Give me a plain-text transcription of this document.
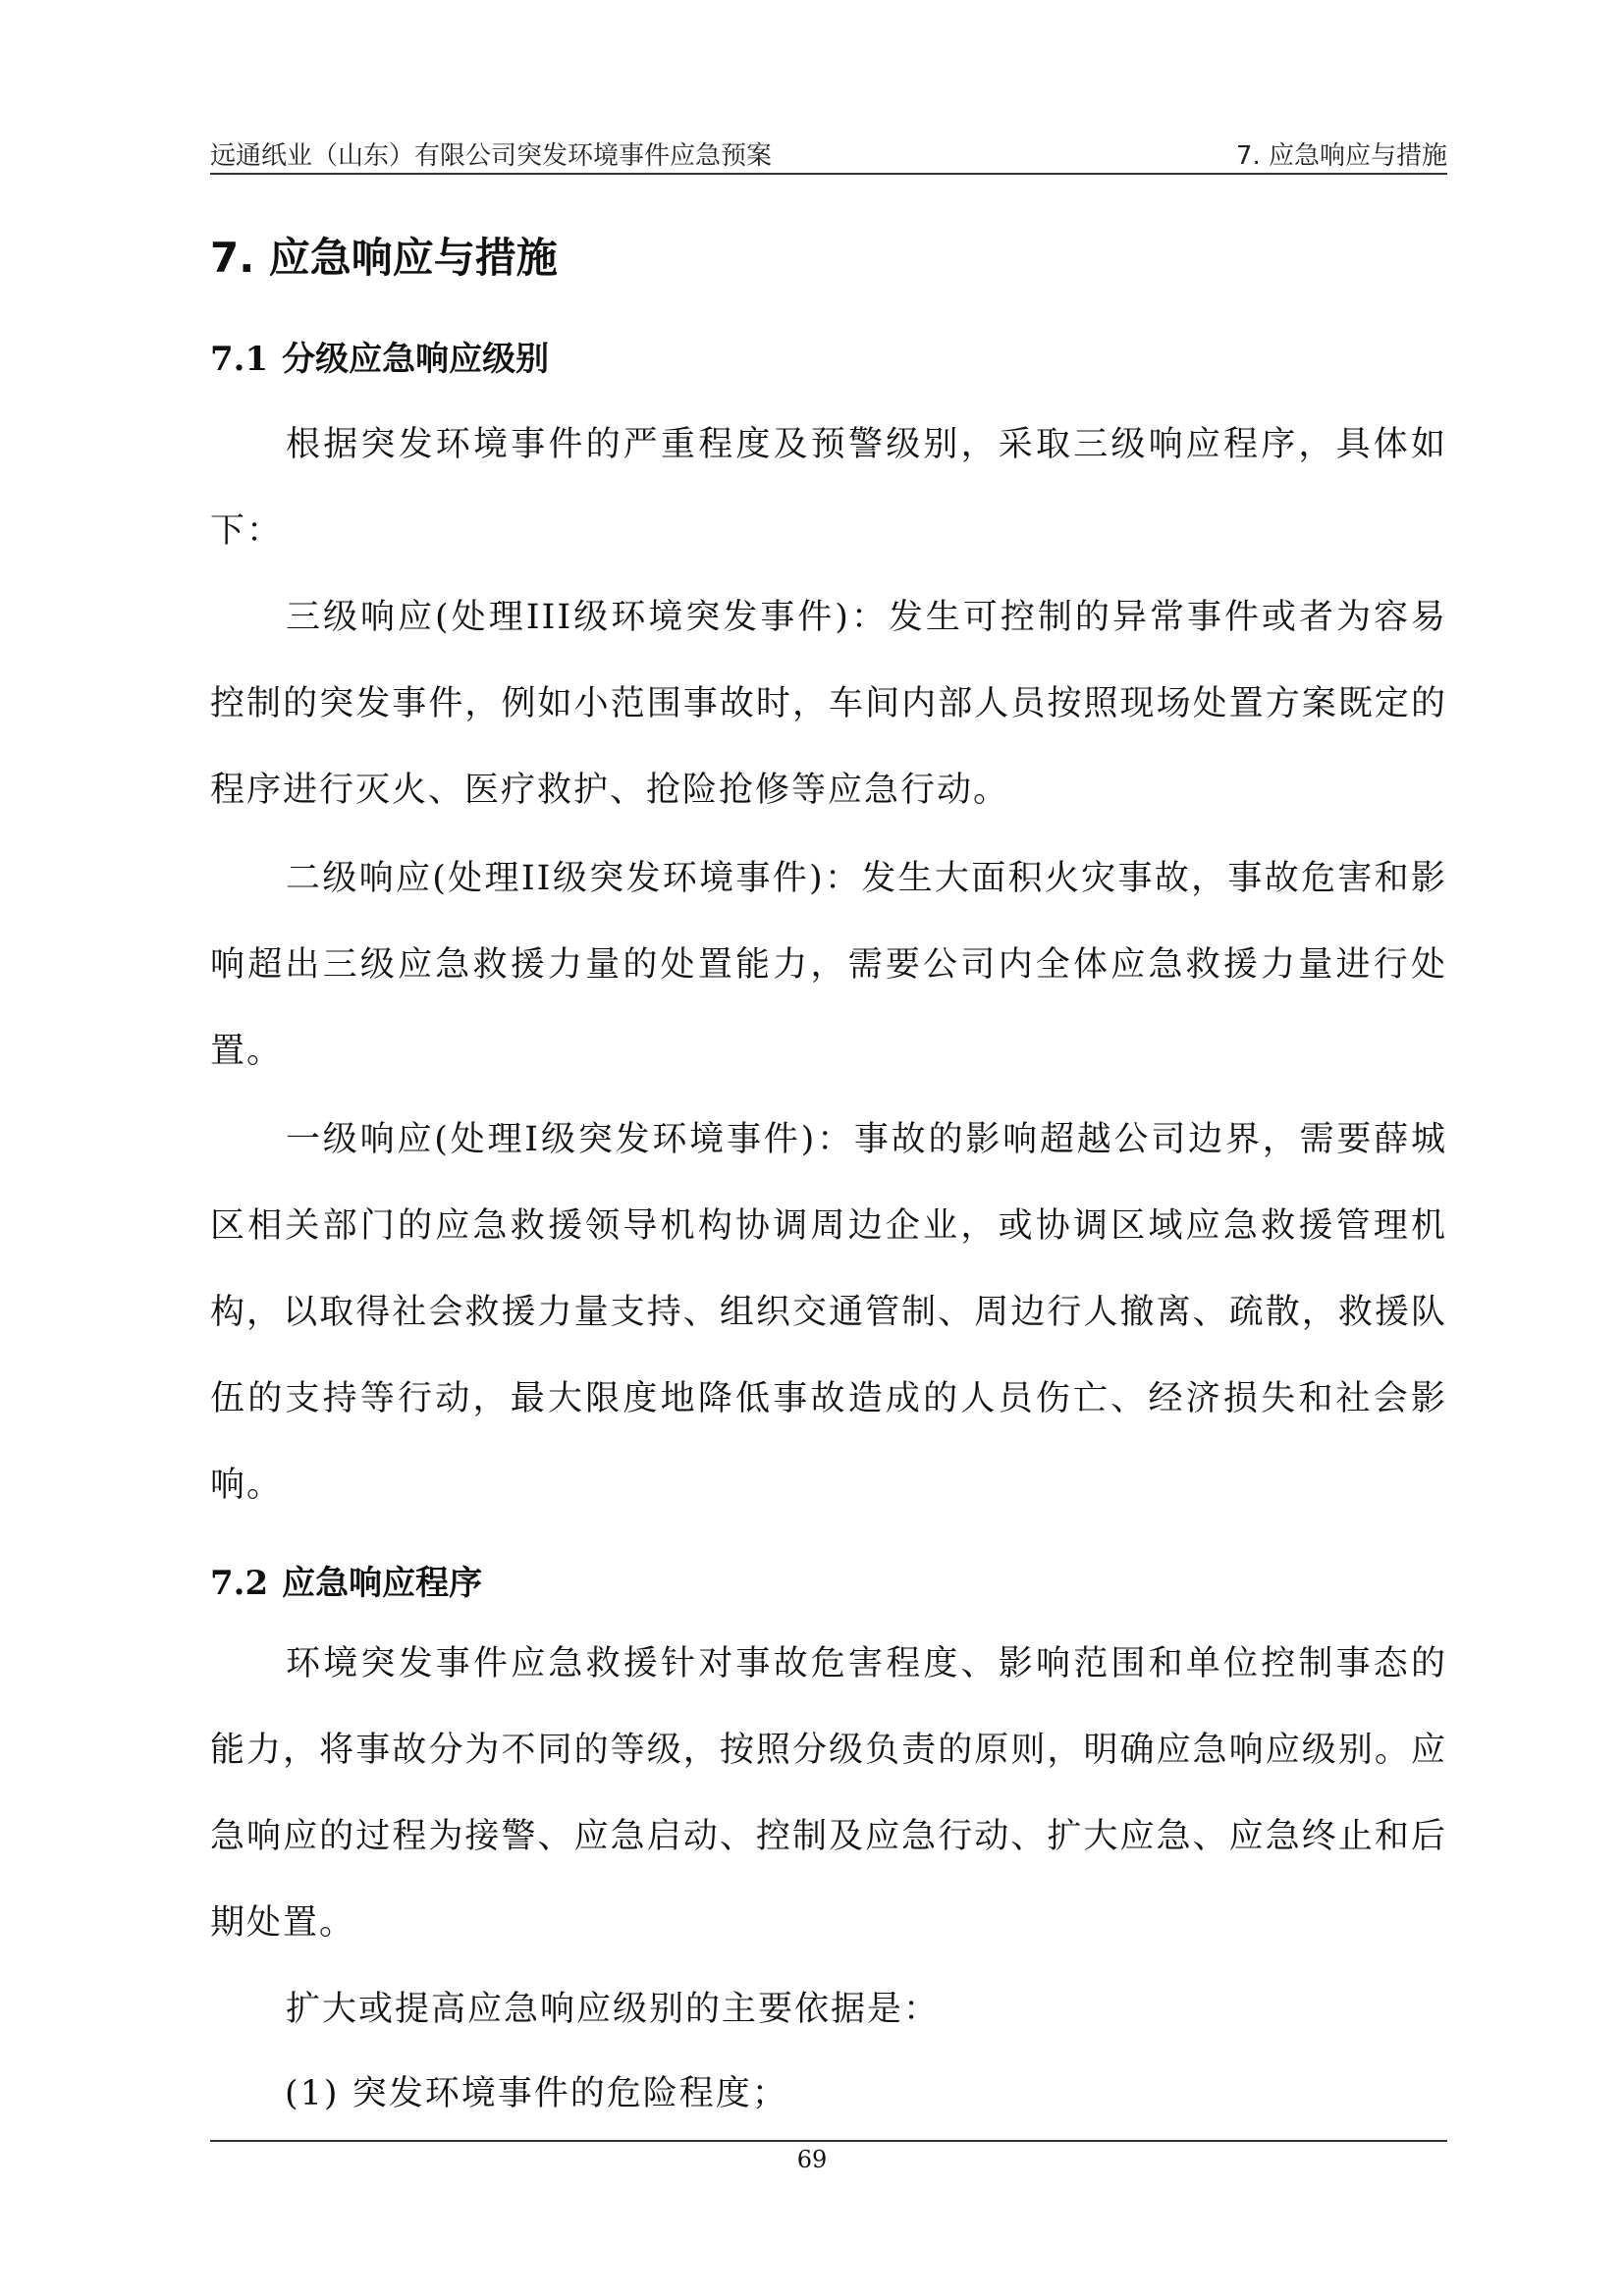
远通纸业（山东）有限公司突发环境事件应急预案	7. 应急响应与措施
7. 应急响应与措施
7.1 分级应急响应级别

根据突发环境事件的严重程度及预警级别，采取三级响应程序，具体如下：

三级响应(处理III级环境突发事件)：发生可控制的异常事件或者为容易控制的突发事件，例如小范围事故时，车间内部人员按照现场处置方案既定的程序进行灭火、医疗救护、抢险抢修等应急行动。

二级响应(处理II级突发环境事件)：发生大面积火灾事故，事故危害和影响超出三级应急救援力量的处置能力，需要公司内全体应急救援力量进行处置。

一级响应(处理I级突发环境事件)：事故的影响超越公司边界，需要薛城区相关部门的应急救援领导机构协调周边企业，或协调区域应急救援管理机构，以取得社会救援力量支持、组织交通管制、周边行人撤离、疏散，救援队伍的支持等行动，最大限度地降低事故造成的人员伤亡、经济损失和社会影响。

7.2 应急响应程序

环境突发事件应急救援针对事故危害程度、影响范围和单位控制事态的能力，将事故分为不同的等级，按照分级负责的原则，明确应急响应级别。应急响应的过程为接警、应急启动、控制及应急行动、扩大应急、应急终止和后期处置。

扩大或提高应急响应级别的主要依据是：

(1) 突发环境事件的危险程度；
69
